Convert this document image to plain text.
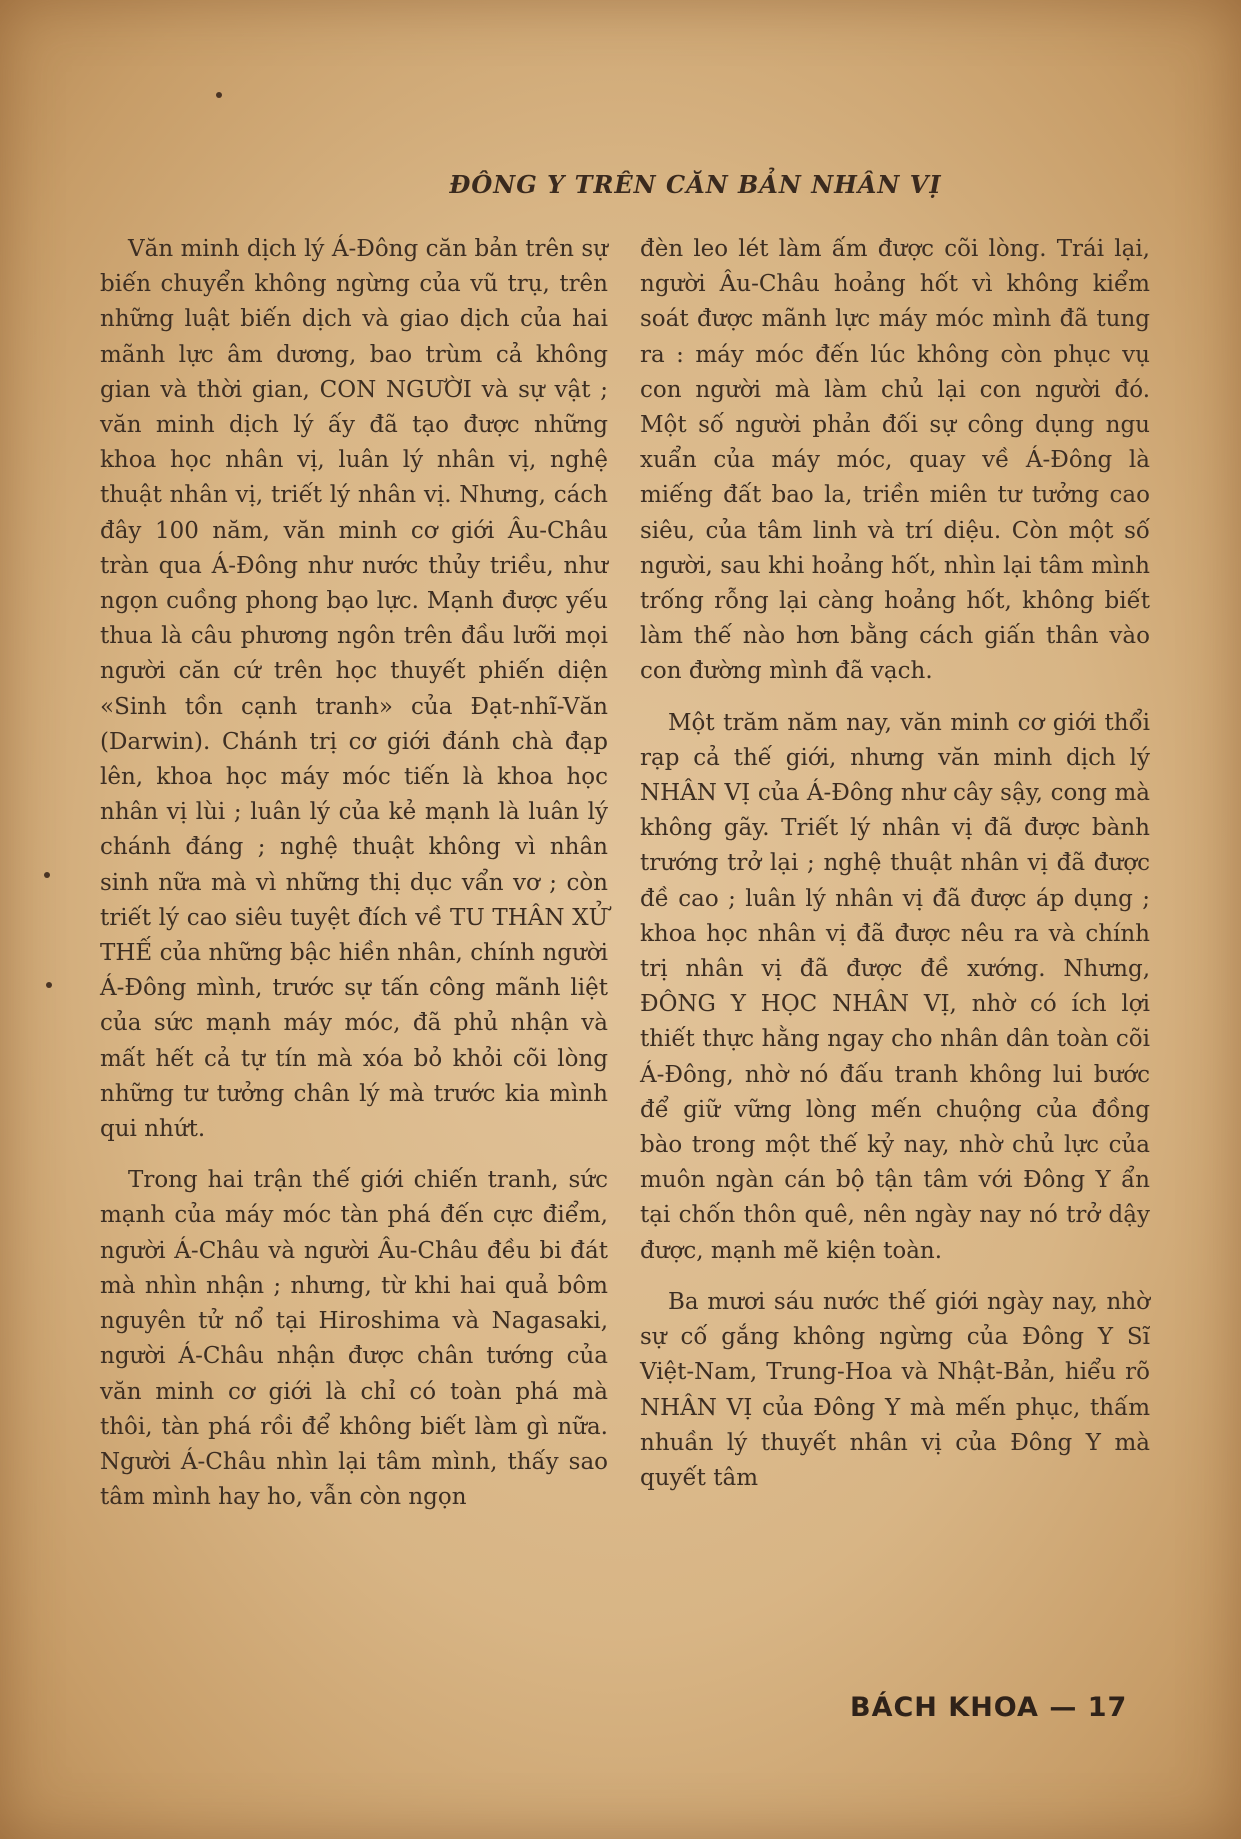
ĐÔNG Y TRÊN CĂN BẢN NHÂN VỊ

Văn minh dịch lý Á-Đông căn bản trên sự biến chuyển không ngừng của vũ trụ, trên những luật biến dịch và giao dịch của hai mãnh lực âm dương, bao trùm cả không gian và thời gian, CON NGƯỜI và sự vật ; văn minh dịch lý ấy đã tạo được những khoa học nhân vị, luân lý nhân vị, nghệ thuật nhân vị, triết lý nhân vị. Nhưng, cách đây 100 năm, văn minh cơ giới Âu-Châu tràn qua Á-Đông như nước thủy triều, như ngọn cuồng phong bạo lực. Mạnh được yếu thua là câu phương ngôn trên đầu lưỡi mọi người căn cứ trên học thuyết phiến diện «Sinh tồn cạnh tranh» của Đạt-nhĩ-Văn (Darwin). Chánh trị cơ giới đánh chà đạp lên, khoa học máy móc tiến là khoa học nhân vị lùi ; luân lý của kẻ mạnh là luân lý chánh đáng ; nghệ thuật không vì nhân sinh nữa mà vì những thị dục vẩn vơ ; còn triết lý cao siêu tuyệt đích về TU THÂN XỬ THẾ của những bậc hiền nhân, chính người Á-Đông mình, trước sự tấn công mãnh liệt của sức mạnh máy móc, đã phủ nhận và mất hết cả tự tín mà xóa bỏ khỏi cõi lòng những tư tưởng chân lý mà trước kia mình qui nhứt.

Trong hai trận thế giới chiến tranh, sức mạnh của máy móc tàn phá đến cực điểm, người Á-Châu và người Âu-Châu đều bi đát mà nhìn nhận ; nhưng, từ khi hai quả bôm nguyên tử nổ tại Hiroshima và Nagasaki, người Á-Châu nhận được chân tướng của văn minh cơ giới là chỉ có toàn phá mà thôi, tàn phá rồi để không biết làm gì nữa. Người Á-Châu nhìn lại tâm mình, thấy sao tâm mình hay ho, vẫn còn ngọn

đèn leo lét làm ấm được cõi lòng. Trái lại, người Âu-Châu hoảng hốt vì không kiểm soát được mãnh lực máy móc mình đã tung ra : máy móc đến lúc không còn phục vụ con người mà làm chủ lại con người đó. Một số người phản đối sự công dụng ngu xuẩn của máy móc, quay về Á-Đông là miếng đất bao la, triền miên tư tưởng cao siêu, của tâm linh và trí diệu. Còn một số người, sau khi hoảng hốt, nhìn lại tâm mình trống rỗng lại càng hoảng hốt, không biết làm thế nào hơn bằng cách giấn thân vào con đường mình đã vạch.

Một trăm năm nay, văn minh cơ giới thổi rạp cả thế giới, nhưng văn minh dịch lý NHÂN VỊ của Á-Đông như cây sậy, cong mà không gãy. Triết lý nhân vị đã được bành trướng trở lại ; nghệ thuật nhân vị đã được đề cao ; luân lý nhân vị đã được áp dụng ; khoa học nhân vị đã được nêu ra và chính trị nhân vị đã được đề xướng. Nhưng, ĐÔNG Y HỌC NHÂN VỊ, nhờ có ích lợi thiết thực hằng ngay cho nhân dân toàn cõi Á-Đông, nhờ nó đấu tranh không lui bước để giữ vững lòng mến chuộng của đồng bào trong một thế kỷ nay, nhờ chủ lực của muôn ngàn cán bộ tận tâm với Đông Y ẩn tại chốn thôn quê, nên ngày nay nó trở dậy được, mạnh mẽ kiện toàn.

Ba mươi sáu nước thế giới ngày nay, nhờ sự cố gắng không ngừng của Đông Y Sĩ Việt-Nam, Trung-Hoa và Nhật-Bản, hiểu rõ NHÂN VỊ của Đông Y mà mến phục, thấm nhuần lý thuyết nhân vị của Đông Y mà quyết tâm

BÁCH KHOA — 17
